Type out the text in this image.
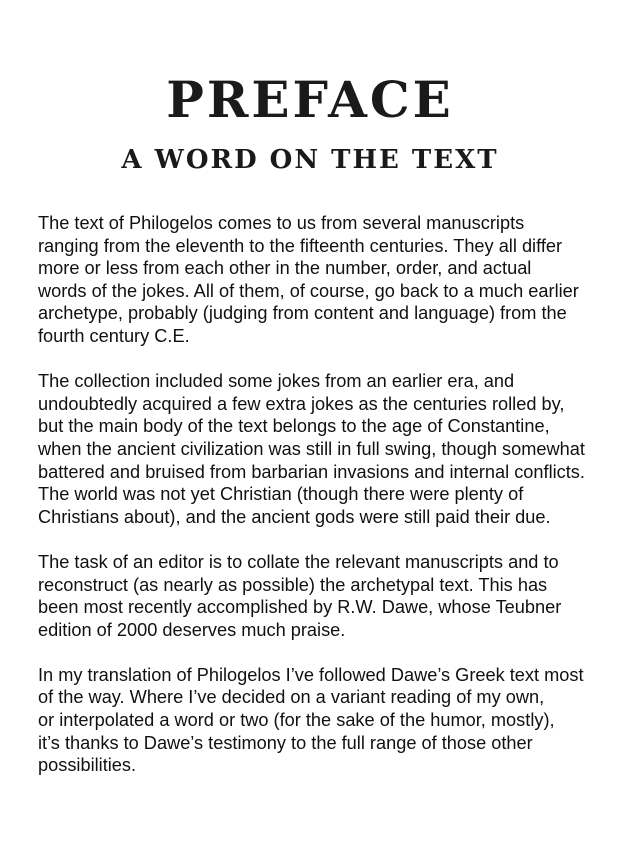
PREFACE
A WORD ON THE TEXT
The text of Philogelos comes to us from several manuscripts
ranging from the eleventh to the fifteenth centuries. They all differ
more or less from each other in the number, order, and actual
words of the jokes. All of them, of course, go back to a much earlier
archetype, probably (judging from content and language) from the
fourth century C.E.
The collection included some jokes from an earlier era, and
undoubtedly acquired a few extra jokes as the centuries rolled by,
but the main body of the text belongs to the age of Constantine,
when the ancient civilization was still in full swing, though somewhat
battered and bruised from barbarian invasions and internal conflicts.
The world was not yet Christian (though there were plenty of
Christians about), and the ancient gods were still paid their due.
The task of an editor is to collate the relevant manuscripts and to
reconstruct (as nearly as possible) the archetypal text. This has
been most recently accomplished by R.W. Dawe, whose Teubner
edition of 2000 deserves much praise.
In my translation of Philogelos I’ve followed Dawe’s Greek text most
of the way. Where I’ve decided on a variant reading of my own,
or interpolated a word or two (for the sake of the humor, mostly),
it’s thanks to Dawe’s testimony to the full range of those other
possibilities.
